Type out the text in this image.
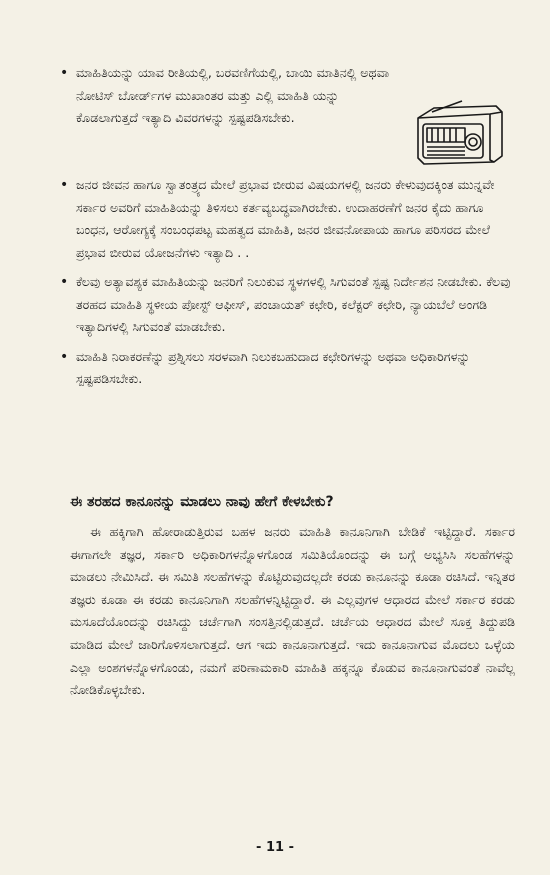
• ಮಾಹಿತಿಯನ್ನು ಯಾವ ರೀತಿಯಲ್ಲಿ, ಬರವಣಿಗೆಯಲ್ಲಿ, ಬಾಯಿ ಮಾತಿನಲ್ಲಿ ಅಥವಾ ನೋಟಿಸ್ ಬೋರ್ಡ್‌ಗಳ ಮುಖಾಂತರ ಮತ್ತು ಎಲ್ಲಿ ಮಾಹಿತಿ ಯನ್ನು ಕೊಡಲಾಗುತ್ತದೆ ಇತ್ಯಾದಿ ವಿವರಗಳನ್ನು ಸ್ಪಷ್ಟಪಡಿಸಬೇಕು.
• ಜನರ ಜೀವನ ಹಾಗೂ ಸ್ವಾತಂತ್ರ್ಯದ ಮೇಲೆ ಪ್ರಭಾವ ಬೀರುವ ವಿಷಯಗಳಲ್ಲಿ ಜನರು ಕೇಳುವುದಕ್ಕಿಂತ ಮುನ್ನವೇ ಸರ್ಕಾರ ಅವರಿಗೆ ಮಾಹಿತಿಯನ್ನು ತಿಳಿಸಲು ಕರ್ತವ್ಯಬದ್ಧವಾಗಿರಬೇಕು. ಉದಾಹರಣೆಗೆ ಜನರ ಕೈದು ಹಾಗೂ ಬಂಧನ, ಆರೋಗ್ಯಕ್ಕೆ ಸಂಬಂಧಪಟ್ಟ ಮಹತ್ವದ ಮಾಹಿತಿ, ಜನರ ಜೀವನೋಪಾಯ ಹಾಗೂ ಪರಿಸರದ ಮೇಲೆ ಪ್ರಭಾವ ಬೀರುವ ಯೋಜನೆಗಳು ಇತ್ಯಾದಿ . .
• ಕೆಲವು ಅತ್ಯಾವಶ್ಯಕ ಮಾಹಿತಿಯನ್ನು ಜನರಿಗೆ ನಿಲುಕುವ ಸ್ಥಳಗಳಲ್ಲಿ ಸಿಗುವಂತೆ ಸ್ಪಷ್ಟ ನಿರ್ದೇಶನ ನೀಡಬೇಕು. ಕೆಲವು ತರಹದ ಮಾಹಿತಿ ಸ್ಥಳೀಯ ಪೋಸ್ಟ್ ಆಫೀಸ್, ಪಂಚಾಯತ್ ಕಛೇರಿ, ಕಲೆಕ್ಟರ್ ಕಛೇರಿ, ನ್ಯಾಯಬೆಲೆ ಅಂಗಡಿ ಇತ್ಯಾದಿಗಳಲ್ಲಿ ಸಿಗುವಂತೆ ಮಾಡಬೇಕು.
• ಮಾಹಿತಿ ನಿರಾಕರಣೆನ್ನು ಪ್ರಶ್ನಿಸಲು ಸರಳವಾಗಿ ನಿಲುಕಬಹುದಾದ ಕಛೇರಿಗಳನ್ನು ಅಥವಾ ಅಧಿಕಾರಿಗಳನ್ನು ಸ್ಪಷ್ಟಪಡಿಸಬೇಕು.
ಈ ತರಹದ ಕಾನೂನನ್ನು ಮಾಡಲು ನಾವು ಹೇಗೆ ಕೇಳಬೇಕು?

ಈ ಹಕ್ಕಿಗಾಗಿ ಹೋರಾಡುತ್ತಿರುವ ಬಹಳ ಜನರು ಮಾಹಿತಿ ಕಾನೂನಿಗಾಗಿ ಬೇಡಿಕೆ ಇಟ್ಟಿದ್ದಾರೆ. ಸರ್ಕಾರ ಈಗಾಗಲೇ ತಜ್ಞರ, ಸರ್ಕಾರಿ ಅಧಿಕಾರಿಗಳನ್ನೊಳಗೊಂಡ ಸಮಿತಿಯೊಂದನ್ನು ಈ ಬಗ್ಗೆ ಅಭ್ಯಸಿಸಿ ಸಲಹೆಗಳನ್ನು ಮಾಡಲು ನೇಮಿಸಿದೆ. ಈ ಸಮಿತಿ ಸಲಹೆಗಳನ್ನು ಕೊಟ್ಟಿರುವುದಲ್ಲದೇ ಕರಡು ಕಾನೂನನ್ನು ಕೂಡಾ ರಚಿಸಿದೆ. ಇನ್ನಿತರ ತಜ್ಞರು ಕೂಡಾ ಈ ಕರಡು ಕಾನೂನಿಗಾಗಿ ಸಲಹೆಗಳನ್ನಿಟ್ಟಿದ್ದಾರೆ. ಈ ಎಲ್ಲವುಗಳ ಆಧಾರದ ಮೇಲೆ ಸರ್ಕಾರ ಕರಡು ಮಸೂದೆಯೊಂದನ್ನು ರಚಿಸಿದ್ದು ಚರ್ಚೆಗಾಗಿ ಸಂಸತ್ತಿನಲ್ಲಿಡುತ್ತದೆ. ಚರ್ಚೆಯ ಆಧಾರದ ಮೇಲೆ ಸೂಕ್ತ ತಿದ್ದುಪಡಿ ಮಾಡಿದ ಮೇಲೆ ಜಾರಿಗೊಳಿಸಲಾಗುತ್ತದೆ. ಆಗ ಇದು ಕಾನೂನಾಗುತ್ತದೆ. ಇದು ಕಾನೂನಾಗುವ ಮೊದಲು ಒಳ್ಳೆಯ ಎಲ್ಲಾ ಅಂಶಗಳನ್ನೊಳಗೊಂಡು, ನಮಗೆ ಪರಿಣಾಮಕಾರಿ ಮಾಹಿತಿ ಹಕ್ಕನ್ನೂ ಕೊಡುವ ಕಾನೂನಾಗುವಂತೆ ನಾವೆಲ್ಲ ನೋಡಿಕೊಳ್ಳಬೇಕು.

- 11 -
